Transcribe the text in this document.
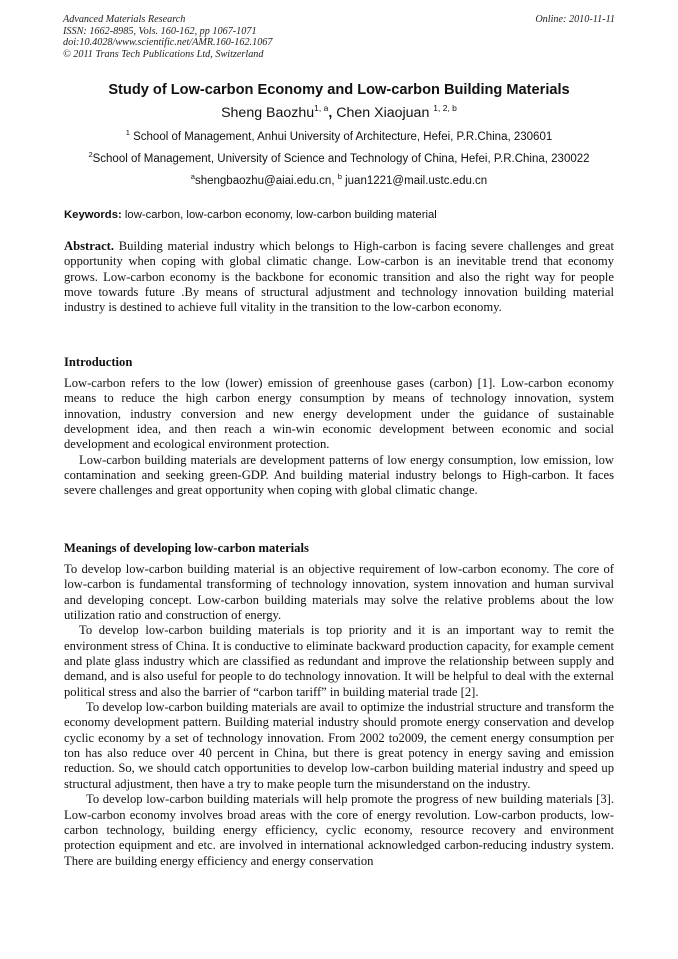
Advanced Materials Research
ISSN: 1662-8985, Vols. 160-162, pp 1067-1071
doi:10.4028/www.scientific.net/AMR.160-162.1067
© 2011 Trans Tech Publications Ltd, Switzerland
Online: 2010-11-11
Study of Low-carbon Economy and Low-carbon Building Materials
Sheng Baozhu$^{1, a}$, Chen Xiaojuan $^{1, 2, b}$
$^1$ School of Management, Anhui University of Architecture, Hefei, P.R.China, 230601
$^2$School of Management, University of Science and Technology of China, Hefei, P.R.China, 230022
$^a$shengbaozhu@aiai.edu.cn, $^b$ juan1221@mail.ustc.edu.cn
Keywords: low-carbon, low-carbon economy, low-carbon building material

Abstract. Building material industry which belongs to High-carbon is facing severe challenges and great opportunity when coping with global climatic change. Low-carbon is an inevitable trend that economy grows. Low-carbon economy is the backbone for economic transition and also the right way for people move towards future .By means of structural adjustment and technology innovation building material industry is destined to achieve full vitality in the transition to the low-carbon economy.

Introduction

Low-carbon refers to the low (lower) emission of greenhouse gases (carbon) [1]. Low-carbon economy means to reduce the high carbon energy consumption by means of technology innovation, system innovation, industry conversion and new energy development under the guidance of sustainable development idea, and then reach a win-win economic development between economic and social development and ecological environment protection.

Low-carbon building materials are development patterns of low energy consumption, low emission, low contamination and seeking green-GDP. And building material industry belongs to High-carbon. It faces severe challenges and great opportunity when coping with global climatic change.

Meanings of developing low-carbon materials

To develop low-carbon building material is an objective requirement of low-carbon economy. The core of low-carbon is fundamental transforming of technology innovation, system innovation and human survival and developing concept. Low-carbon building materials may solve the relative problems about the low utilization ratio and construction of energy.

To develop low-carbon building materials is top priority and it is an important way to remit the environment stress of China. It is conductive to eliminate backward production capacity, for example cement and plate glass industry which are classified as redundant and improve the relationship between supply and demand, and is also useful for people to do technology innovation. It will be helpful to deal with the external political stress and also the barrier of “carbon tariff” in building material trade [2].

To develop low-carbon building materials are avail to optimize the industrial structure and transform the economy development pattern. Building material industry should promote energy conservation and develop cyclic economy by a set of technology innovation. From 2002 to2009, the cement energy consumption per ton has also reduce over 40 percent in China, but there is great potency in energy saving and emission reduction. So, we should catch opportunities to develop low-carbon building material industry and speed up structural adjustment, then have a try to make people turn the misunderstand on the industry.

To develop low-carbon building materials will help promote the progress of new building materials [3]. Low-carbon economy involves broad areas with the core of energy revolution. Low-carbon products, low-carbon technology, building energy efficiency, cyclic economy, resource recovery and environment protection equipment and etc. are involved in international acknowledged carbon-reducing industry system. There are building energy efficiency and energy conservation
